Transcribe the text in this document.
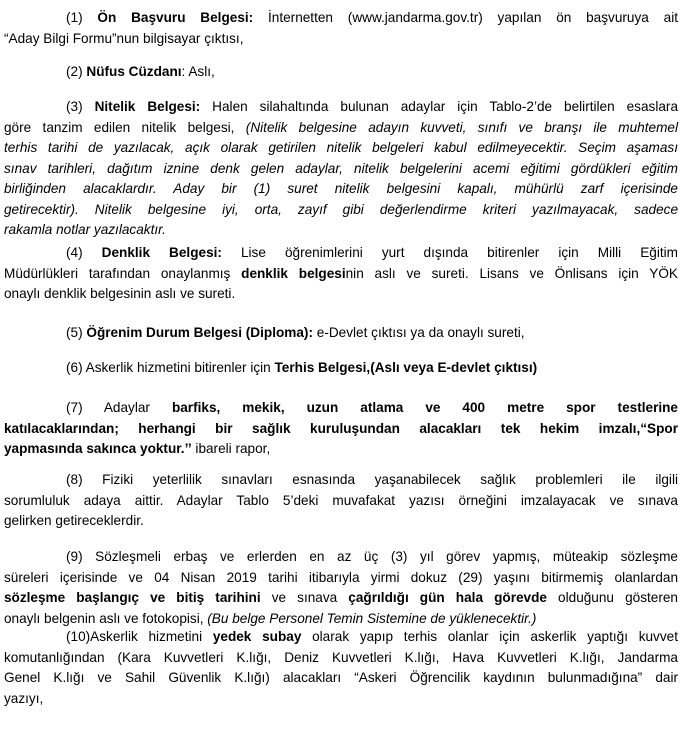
(1) Ön Başvuru Belgesi: İnternetten (www.jandarma.gov.tr) yapılan ön başvuruya ait
“Aday Bilgi Formu”nun bilgisayar çıktısı,
(2) Nüfus Cüzdanı: Aslı,
(3) Nitelik Belgesi: Halen silahaltında bulunan adaylar için Tablo-2’de belirtilen esaslara
göre tanzim edilen nitelik belgesi, (Nitelik belgesine adayın kuvveti, sınıfı ve branşı ile muhtemel
terhis tarihi de yazılacak, açık olarak getirilen nitelik belgeleri kabul edilmeyecektir. Seçim aşaması
sınav tarihleri, dağıtım iznine denk gelen adaylar, nitelik belgelerini acemi eğitimi gördükleri eğitim
birliğinden alacaklardır. Aday bir (1) suret nitelik belgesini kapalı, mühürlü zarf içerisinde
getirecektir). Nitelik belgesine iyi, orta, zayıf gibi değerlendirme kriteri yazılmayacak, sadece
rakamla notlar yazılacaktır.
(4) Denklik Belgesi: Lise öğrenimlerini yurt dışında bitirenler için Milli Eğitim
Müdürlükleri tarafından onaylanmış denklik belgesinin aslı ve sureti. Lisans ve Önlisans için YÖK
onaylı denklik belgesinin aslı ve sureti.
(5) Öğrenim Durum Belgesi (Diploma): e-Devlet çıktısı ya da onaylı sureti,
(6) Askerlik hizmetini bitirenler için Terhis Belgesi,(Aslı veya E-devlet çıktısı)
(7) Adaylar barfiks, mekik, uzun atlama ve 400 metre spor testlerine
katılacaklarından; herhangi bir sağlık kuruluşundan alacakları tek hekim imzalı,“Spor
yapmasında sakınca yoktur.’’ ibareli rapor,
(8) Fiziki yeterlilik sınavları esnasında yaşanabilecek sağlık problemleri ile ilgili
sorumluluk adaya aittir. Adaylar Tablo 5’deki muvafakat yazısı örneğini imzalayacak ve sınava
gelirken getireceklerdir.
(9) Sözleşmeli erbaş ve erlerden en az üç (3) yıl görev yapmış, müteakip sözleşme
süreleri içerisinde ve 04 Nisan 2019 tarihi itibarıyla yirmi dokuz (29) yaşını bitirmemiş olanlardan
sözleşme başlangıç ve bitiş tarihini ve sınava çağrıldığı gün hala görevde olduğunu gösteren
onaylı belgenin aslı ve fotokopisi, (Bu belge Personel Temin Sistemine de yüklenecektir.)
(10)Askerlik hizmetini yedek subay olarak yapıp terhis olanlar için askerlik yaptığı kuvvet
komutanlığından (Kara Kuvvetleri K.lığı, Deniz Kuvvetleri K.lığı, Hava Kuvvetleri K.lığı, Jandarma
Genel K.lığı ve Sahil Güvenlik K.lığı) alacakları “Askeri Öğrencilik kaydının bulunmadığına” dair
yazıyı,
